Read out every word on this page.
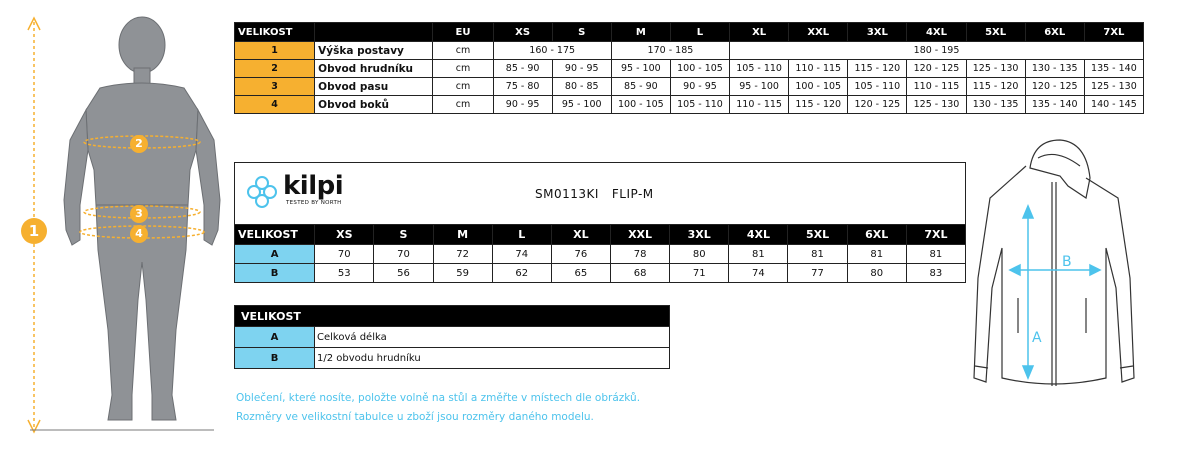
1
2
3
4
VELIKOST		EU	XS	S	M	L	XL	XXL	3XL	4XL	5XL	6XL	7XL
1	Výška postavy	cm	160 - 175		170 - 185		180 - 195						
2	Obvod hrudníku	cm	85 - 90	90 - 95	95 - 100	100 - 105	105 - 110	110 - 115	115 - 120	120 - 125	125 - 130	130 - 135	135 - 140
3	Obvod pasu	cm	75 - 80	80 - 85	85 - 90	90 - 95	95 - 100	100 - 105	105 - 110	110 - 115	115 - 120	120 - 125	125 - 130
4	Obvod boků	cm	90 - 95	95 - 100	100 - 105	105 - 110	110 - 115	115 - 120	120 - 125	125 - 130	130 - 135	135 - 140	140 - 145
kilpi
TESTED BY NORTH
SM0113KI FLIP-M
VELIKOST	XS	S	M	L	XL	XXL	3XL	4XL	5XL	6XL	7XL
A	70	70	72	74	76	78	80	81	81	81	81
B	53	56	59	62	65	68	71	74	77	80	83
VELIKOST	
A	Celková délka
B	1/2 obvodu hrudníku
Oblečení, které nosíte, položte volně na stůl a změřte v místech dle obrázků.
Rozměry ve velikostní tabulce u zboží jsou rozměry daného modelu.
A
B
